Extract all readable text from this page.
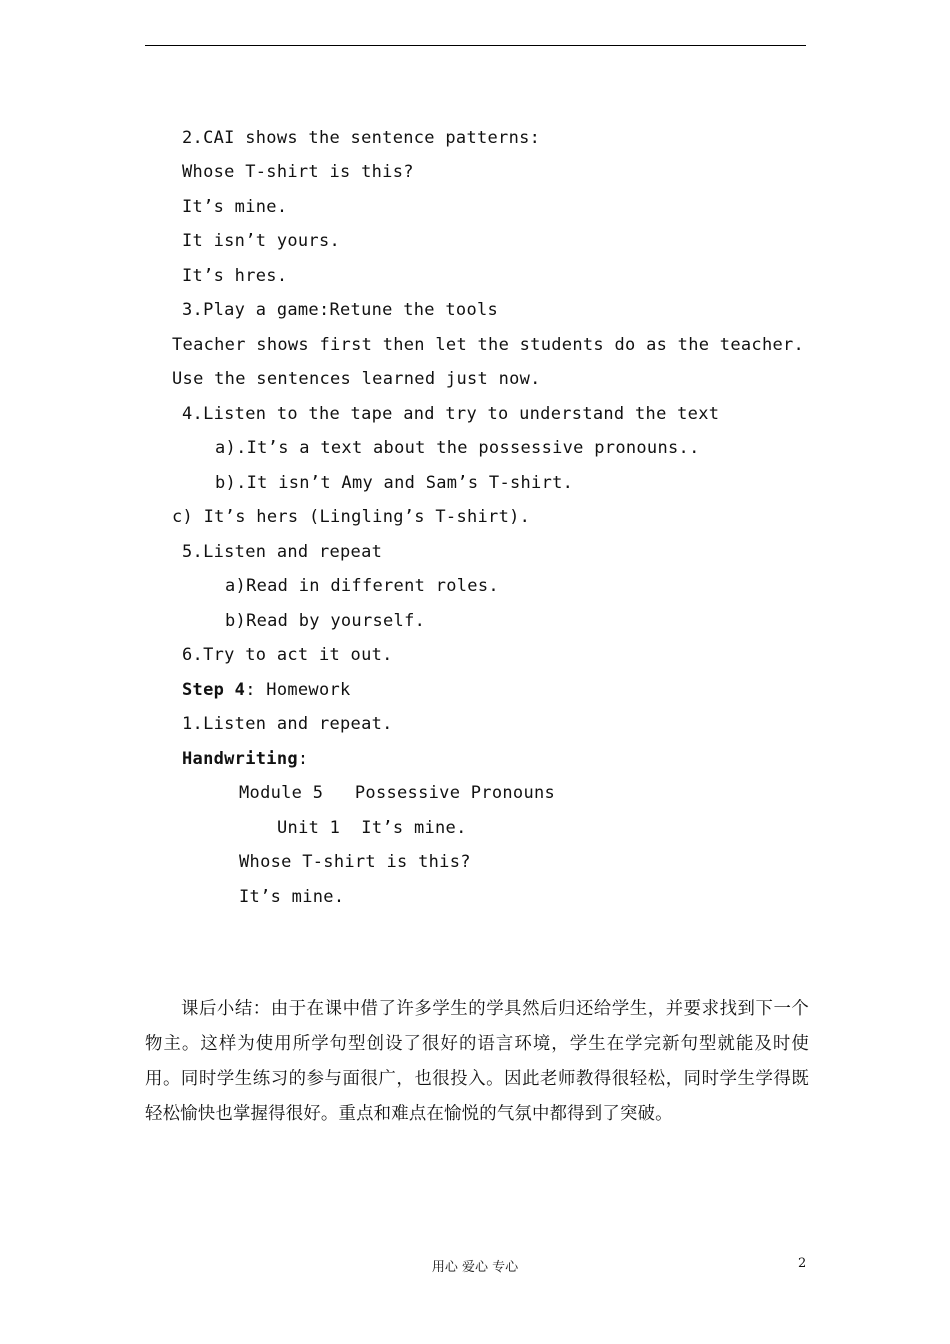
2.CAI shows the sentence patterns:
Whose T-shirt is this?
It’s mine.
It isn’t yours.
It’s hres.
3.Play a game:Retune the tools
Teacher shows first then let the students do as the teacher.
Use the sentences learned just now.
4.Listen to the tape and try to understand the text
a).It’s a text about the possessive pronouns..
b).It isn’t Amy and Sam’s T-shirt.
c) It’s hers (Lingling’s T-shirt).
5.Listen and repeat
a)Read in different roles.
b)Read by yourself.
6.Try to act it out.
Step 4: Homework
1.Listen and repeat.
Handwriting:
Module 5   Possessive Pronouns
Unit 1  It’s mine.
Whose T-shirt is this?
It’s mine.
课后小结：由于在课中借了许多学生的学具然后归还给学生，并要求找到下一个物主。这样为使用所学句型创设了很好的语言环境，学生在学完新句型就能及时使用。同时学生练习的参与面很广，也很投入。因此老师教得很轻松，同时学生学得既轻松愉快也掌握得很好。重点和难点在愉悦的气氛中都得到了突破。
用心 爱心 专心	2
